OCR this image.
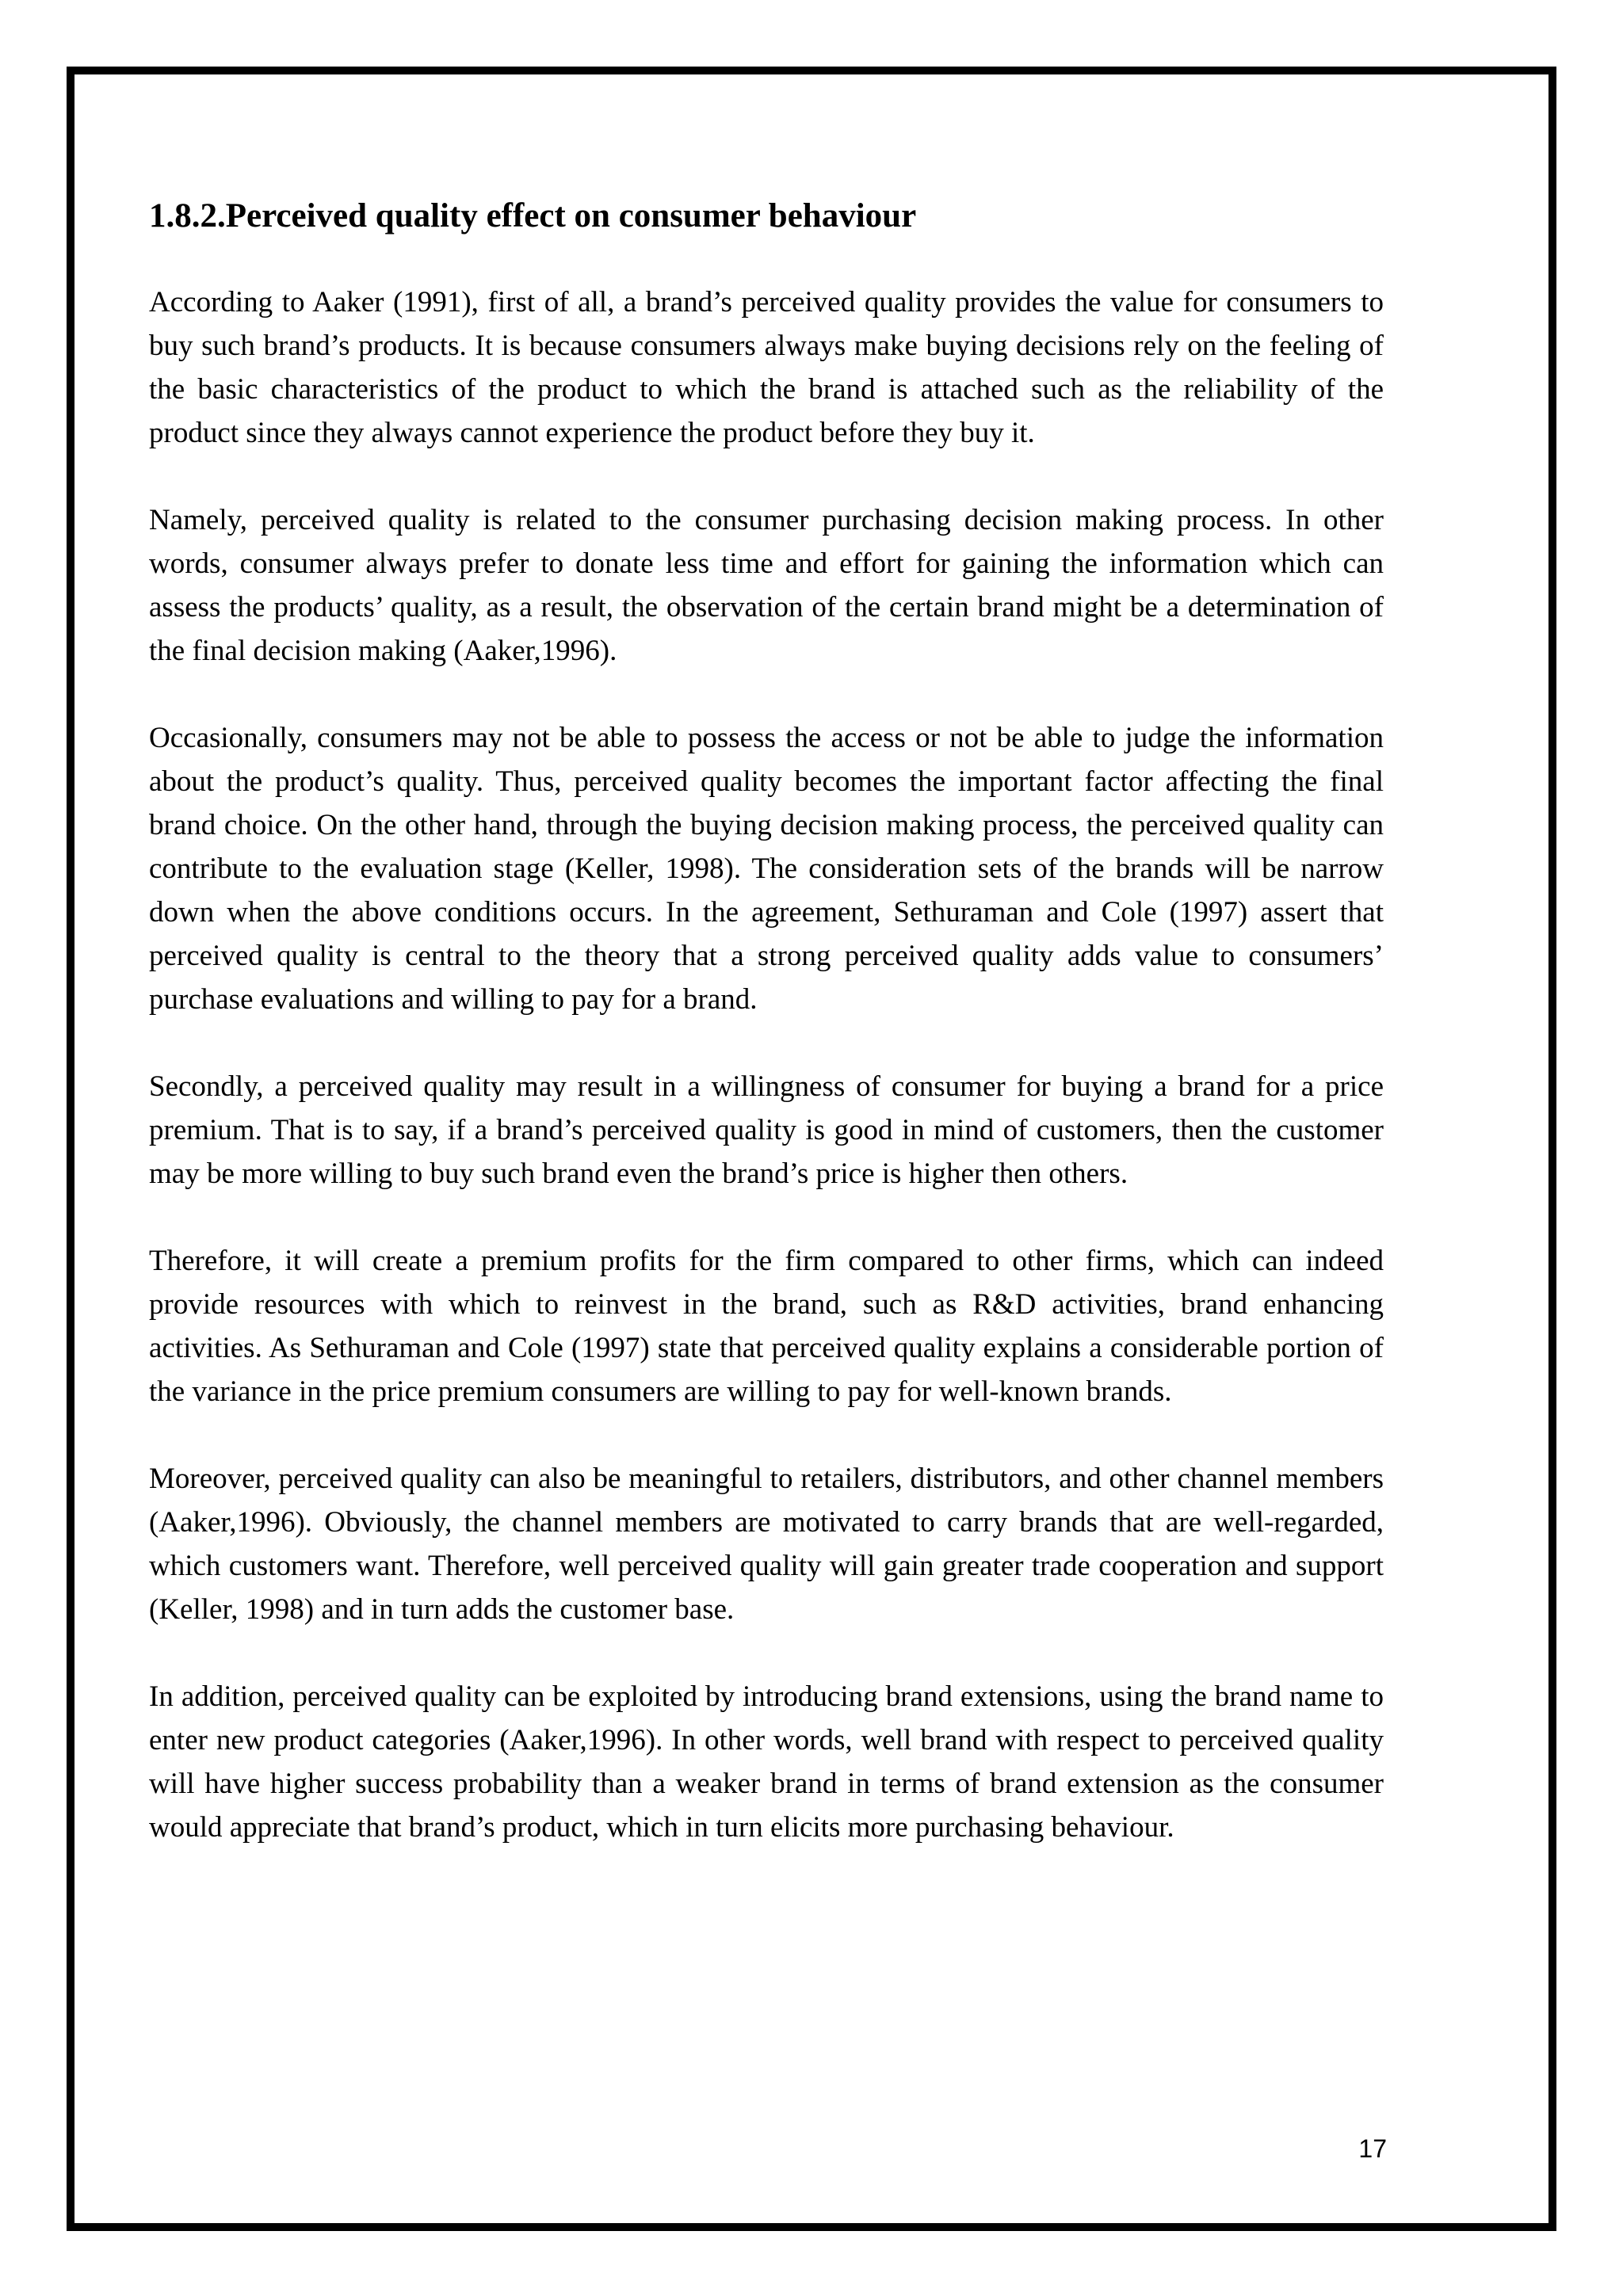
1.8.2.Perceived quality effect on consumer behaviour

According to Aaker (1991), first of all, a brand’s perceived quality provides the value for consumers to buy such brand’s products. It is because consumers always make buying decisions rely on the feeling of the basic characteristics of the product to which the brand is attached such as the reliability of the product since they always cannot experience the product before they buy it.

Namely, perceived quality is related to the consumer purchasing decision making process. In other words, consumer always prefer to donate less time and effort for gaining the information which can assess the products’ quality, as a result, the observation of the certain brand might be a determination of the final decision making (Aaker,1996).

Occasionally, consumers may not be able to possess the access or not be able to judge the information about the product’s quality. Thus, perceived quality becomes the important factor affecting the final brand choice. On the other hand, through the buying decision making process, the perceived quality can contribute to the evaluation stage (Keller, 1998). The consideration sets of the brands will be narrow down when the above conditions occurs. In the agreement, Sethuraman and Cole (1997) assert that perceived quality is central to the theory that a strong perceived quality adds value to consumers’ purchase evaluations and willing to pay for a brand.

Secondly, a perceived quality may result in a willingness of consumer for buying a brand for a price premium. That is to say, if a brand’s perceived quality is good in mind of customers, then the customer may be more willing to buy such brand even the brand’s price is higher then others.

Therefore, it will create a premium profits for the firm compared to other firms, which can indeed provide resources with which to reinvest in the brand, such as R&D activities, brand enhancing activities. As Sethuraman and Cole (1997) state that perceived quality explains a considerable portion of the variance in the price premium consumers are willing to pay for well-known brands.

Moreover, perceived quality can also be meaningful to retailers, distributors, and other channel members (Aaker,1996). Obviously, the channel members are motivated to carry brands that are well-regarded, which customers want. Therefore, well perceived quality will gain greater trade cooperation and support (Keller, 1998) and in turn adds the customer base.

In addition, perceived quality can be exploited by introducing brand extensions, using the brand name to enter new product categories (Aaker,1996). In other words, well brand with respect to perceived quality will have higher success probability than a weaker brand in terms of brand extension as the consumer would appreciate that brand’s product, which in turn elicits more purchasing behaviour.

17
